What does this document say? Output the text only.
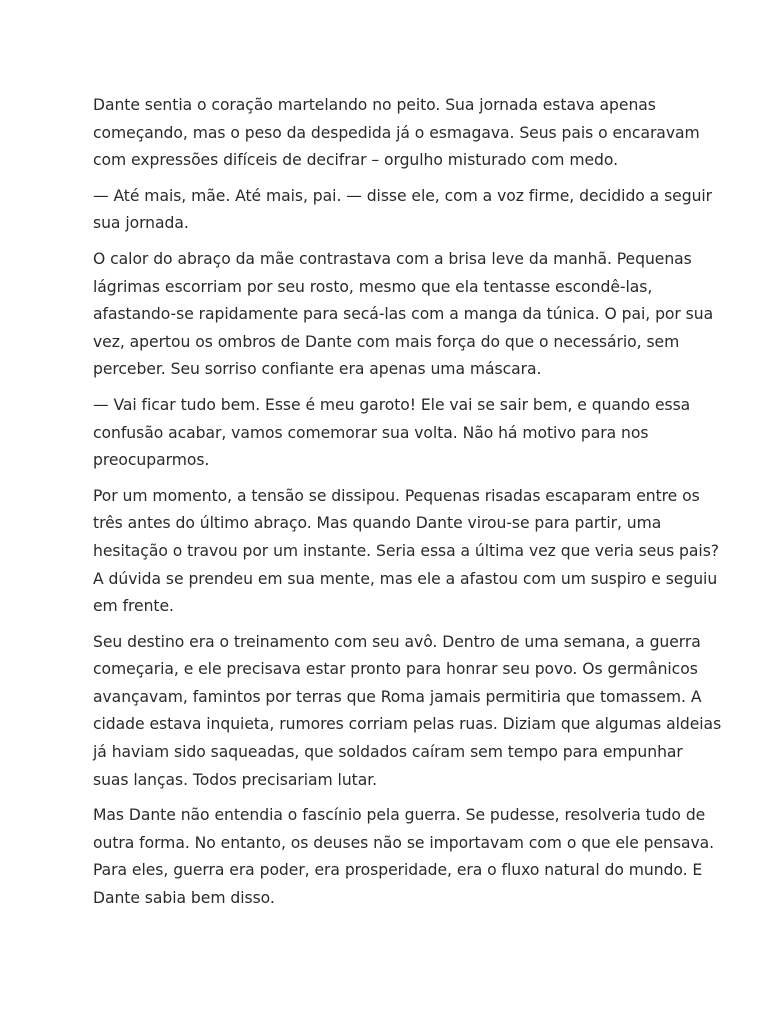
Dante sentia o coração martelando no peito. Sua jornada estava apenas
começando, mas o peso da despedida já o esmagava. Seus pais o encaravam
com expressões difíceis de decifrar – orgulho misturado com medo.

— Até mais, mãe. Até mais, pai. — disse ele, com a voz firme, decidido a seguir
sua jornada.

O calor do abraço da mãe contrastava com a brisa leve da manhã. Pequenas
lágrimas escorriam por seu rosto, mesmo que ela tentasse escondê-las,
afastando-se rapidamente para secá-las com a manga da túnica. O pai, por sua
vez, apertou os ombros de Dante com mais força do que o necessário, sem
perceber. Seu sorriso confiante era apenas uma máscara.

— Vai ficar tudo bem. Esse é meu garoto! Ele vai se sair bem, e quando essa
confusão acabar, vamos comemorar sua volta. Não há motivo para nos
preocuparmos.

Por um momento, a tensão se dissipou. Pequenas risadas escaparam entre os
três antes do último abraço. Mas quando Dante virou-se para partir, uma
hesitação o travou por um instante. Seria essa a última vez que veria seus pais?
A dúvida se prendeu em sua mente, mas ele a afastou com um suspiro e seguiu
em frente.

Seu destino era o treinamento com seu avô. Dentro de uma semana, a guerra
começaria, e ele precisava estar pronto para honrar seu povo. Os germânicos
avançavam, famintos por terras que Roma jamais permitiria que tomassem. A
cidade estava inquieta, rumores corriam pelas ruas. Diziam que algumas aldeias
já haviam sido saqueadas, que soldados caíram sem tempo para empunhar
suas lanças. Todos precisariam lutar.

Mas Dante não entendia o fascínio pela guerra. Se pudesse, resolveria tudo de
outra forma. No entanto, os deuses não se importavam com o que ele pensava.
Para eles, guerra era poder, era prosperidade, era o fluxo natural do mundo. E
Dante sabia bem disso.
